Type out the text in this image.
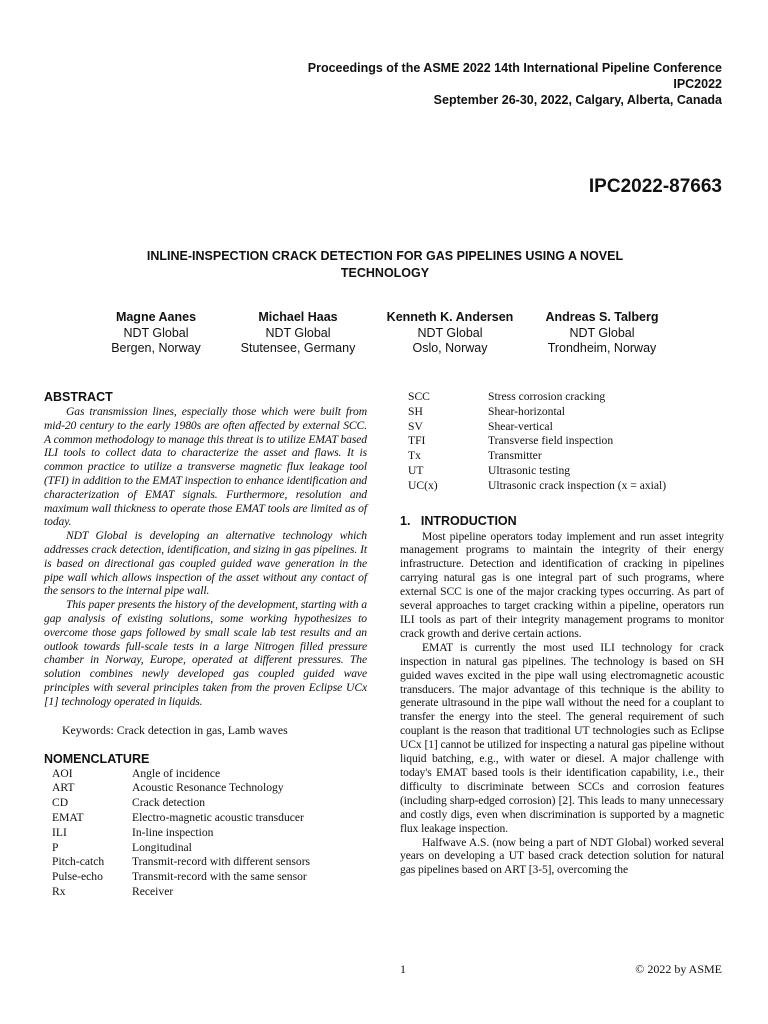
Proceedings of the ASME 2022 14th International Pipeline Conference
IPC2022
September 26-30, 2022, Calgary, Alberta, Canada
IPC2022-87663
INLINE-INSPECTION CRACK DETECTION FOR GAS PIPELINES USING A NOVEL
TECHNOLOGY
Magne Aanes
NDT Global
Bergen, Norway
Michael Haas
NDT Global
Stutensee, Germany
Kenneth K. Andersen
NDT Global
Oslo, Norway
Andreas S. Talberg
NDT Global
Trondheim, Norway
ABSTRACT

Gas transmission lines, especially those which were built from mid-20 century to the early 1980s are often affected by external SCC. A common methodology to manage this threat is to utilize EMAT based ILI tools to collect data to characterize the asset and flaws. It is common practice to utilize a transverse magnetic flux leakage tool (TFI) in addition to the EMAT inspection to enhance identification and characterization of EMAT signals. Furthermore, resolution and maximum wall thickness to operate those EMAT tools are limited as of today.

NDT Global is developing an alternative technology which addresses crack detection, identification, and sizing in gas pipelines. It is based on directional gas coupled guided wave generation in the pipe wall which allows inspection of the asset without any contact of the sensors to the internal pipe wall.

This paper presents the history of the development, starting with a gap analysis of existing solutions, some working hypothesizes to overcome those gaps followed by small scale lab test results and an outlook towards full-scale tests in a large Nitrogen filled pressure chamber in Norway, Europe, operated at different pressures. The solution combines newly developed gas coupled guided wave principles with several principles taken from the proven Eclipse UCx [1] technology operated in liquids.

Keywords: Crack detection in gas, Lamb waves
NOMENCLATURE
AOI	Angle of incidence
ART	Acoustic Resonance Technology
CD	Crack detection
EMAT	Electro-magnetic acoustic transducer
ILI	In-line inspection
P	Longitudinal
Pitch-catch	Transmit-record with different sensors
Pulse-echo	Transmit-record with the same sensor
Rx	Receiver
SCC	Stress corrosion cracking
SH	Shear-horizontal
SV	Shear-vertical
TFI	Transverse field inspection
Tx	Transmitter
UT	Ultrasonic testing
UC(x)	Ultrasonic crack inspection (x = axial)
1.   INTRODUCTION

Most pipeline operators today implement and run asset integrity management programs to maintain the integrity of their energy infrastructure. Detection and identification of cracking in pipelines carrying natural gas is one integral part of such programs, where external SCC is one of the major cracking types occurring. As part of several approaches to target cracking within a pipeline, operators run ILI tools as part of their integrity management programs to monitor crack growth and derive certain actions.

EMAT is currently the most used ILI technology for crack inspection in natural gas pipelines. The technology is based on SH guided waves excited in the pipe wall using electromagnetic acoustic transducers. The major advantage of this technique is the ability to generate ultrasound in the pipe wall without the need for a couplant to transfer the energy into the steel. The general requirement of such couplant is the reason that traditional UT technologies such as Eclipse UCx [1] cannot be utilized for inspecting a natural gas pipeline without liquid batching, e.g., with water or diesel. A major challenge with today's EMAT based tools is their identification capability, i.e., their difficulty to discriminate between SCCs and corrosion features (including sharp-edged corrosion) [2]. This leads to many unnecessary and costly digs, even when discrimination is supported by a magnetic flux leakage inspection.

Halfwave A.S. (now being a part of NDT Global) worked several years on developing a UT based crack detection solution for natural gas pipelines based on ART [3-5], overcoming the

1	© 2022 by ASME
